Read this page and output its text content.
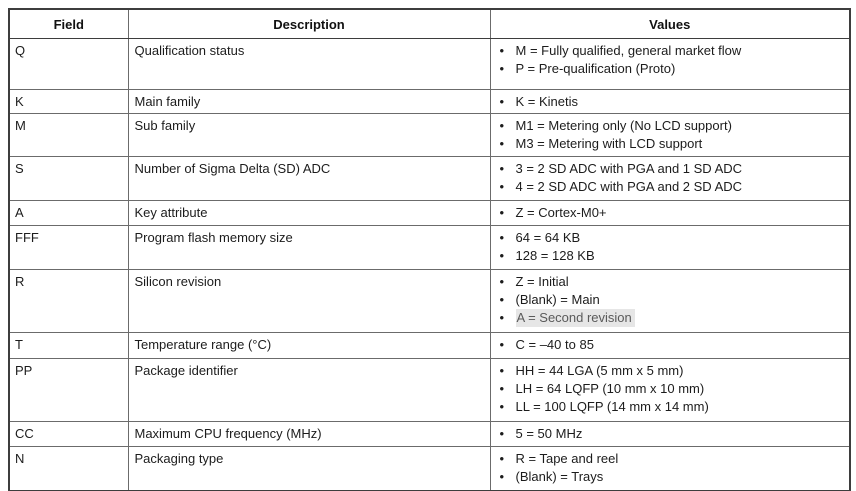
Field	Description	Values
Q	Qualification status	• M = Fully qualified, general market flow
• P = Pre-qualification (Proto)

K	Main family	• K = Kinetis

M	Sub family	• M1 = Metering only (No LCD support)
• M3 = Metering with LCD support

S	Number of Sigma Delta (SD) ADC	• 3 = 2 SD ADC with PGA and 1 SD ADC
• 4 = 2 SD ADC with PGA and 2 SD ADC

A	Key attribute	• Z = Cortex-M0+

FFF	Program flash memory size	• 64 = 64 KB
• 128 = 128 KB

R	Silicon revision	• Z = Initial
• (Blank) = Main
• A = Second revision

T	Temperature range (°C)	• C = –40 to 85

PP	Package identifier	• HH = 44 LGA (5 mm x 5 mm)
• LH = 64 LQFP (10 mm x 10 mm)
• LL = 100 LQFP (14 mm x 14 mm)

CC	Maximum CPU frequency (MHz)	• 5 = 50 MHz

N	Packaging type	• R = Tape and reel
• (Blank) = Trays
